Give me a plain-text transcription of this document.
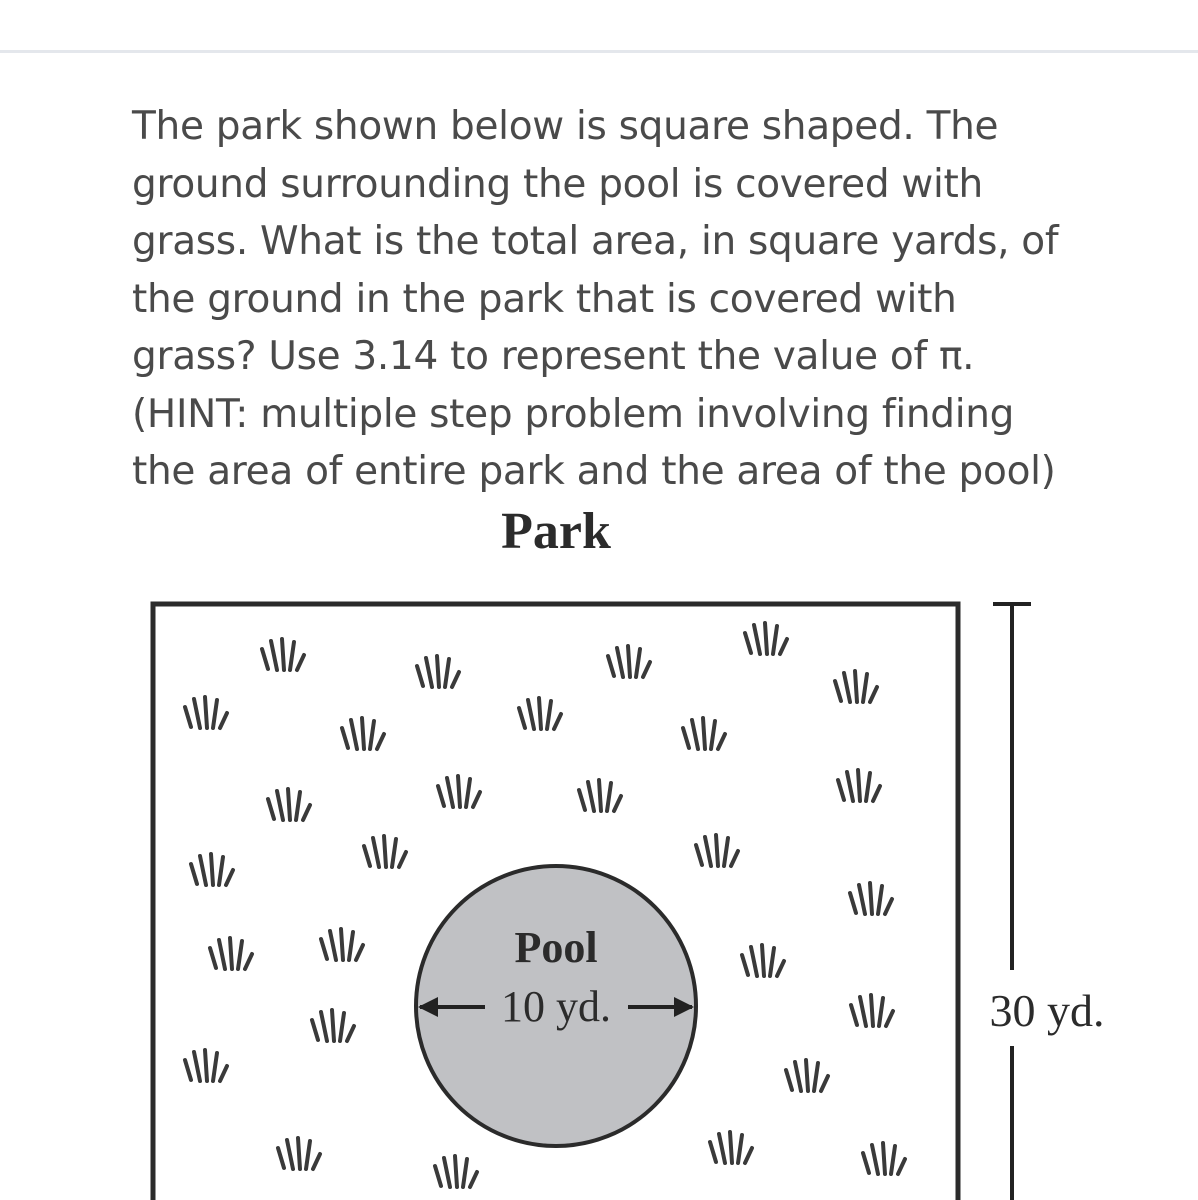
The park shown below is square shaped. The
ground surrounding the pool is covered with
grass. What is the total area, in square yards, of
the ground in the park that is covered with
grass? Use 3.14 to represent the value of π.
(HINT: multiple step problem involving finding
the area of entire park and the area of the pool)
Park
Pool
10 yd.	30 yd.
